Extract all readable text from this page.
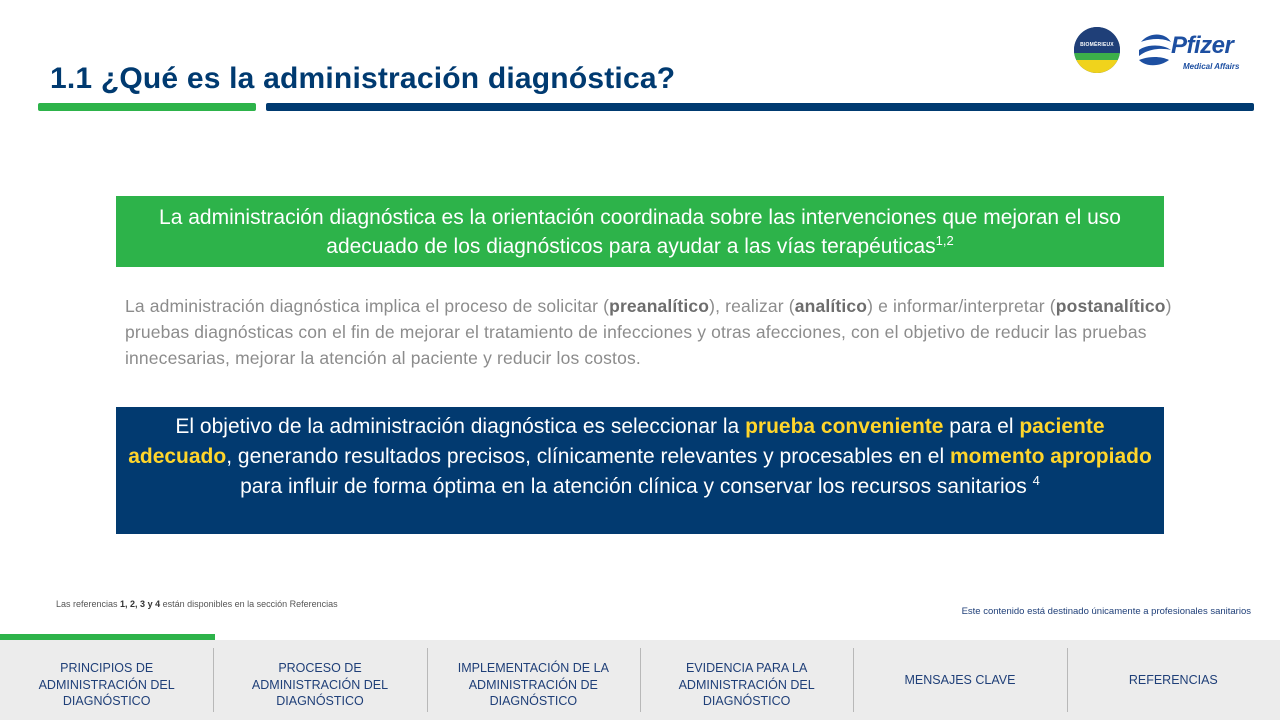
1.1 ¿Qué es la administración diagnóstica?
BIOMÉRIEUX Pfizer
Medical Affairs
La administración diagnóstica es la orientación coordinada sobre las intervenciones que mejoran el uso adecuado de los diagnósticos para ayudar a las vías terapéuticas$^{1,2}$
La administración diagnóstica implica el proceso de solicitar (preanalítico), realizar (analítico) e informar/interpretar (postanalítico) pruebas diagnósticas con el fin de mejorar el tratamiento de infecciones y otras afecciones, con el objetivo de reducir las pruebas innecesarias, mejorar la atención al paciente y reducir los costos.
El objetivo de la administración diagnóstica es seleccionar la prueba conveniente para el paciente adecuado, generando resultados precisos, clínicamente relevantes y procesables en el momento apropiado para influir de forma óptima en la atención clínica y conservar los recursos sanitarios $^4$
Las referencias 1, 2, 3 y 4 están disponibles en la sección Referencias
Este contenido está destinado únicamente a profesionales sanitarios
PRINCIPIOS DE ADMINISTRACIÓN DEL DIAGNÓSTICO
PROCESO DE ADMINISTRACIÓN DEL DIAGNÓSTICO
IMPLEMENTACIÓN DE LA ADMINISTRACIÓN DE DIAGNÓSTICO
EVIDENCIA PARA LA ADMINISTRACIÓN DEL DIAGNÓSTICO
MENSAJES CLAVE	REFERENCIAS
